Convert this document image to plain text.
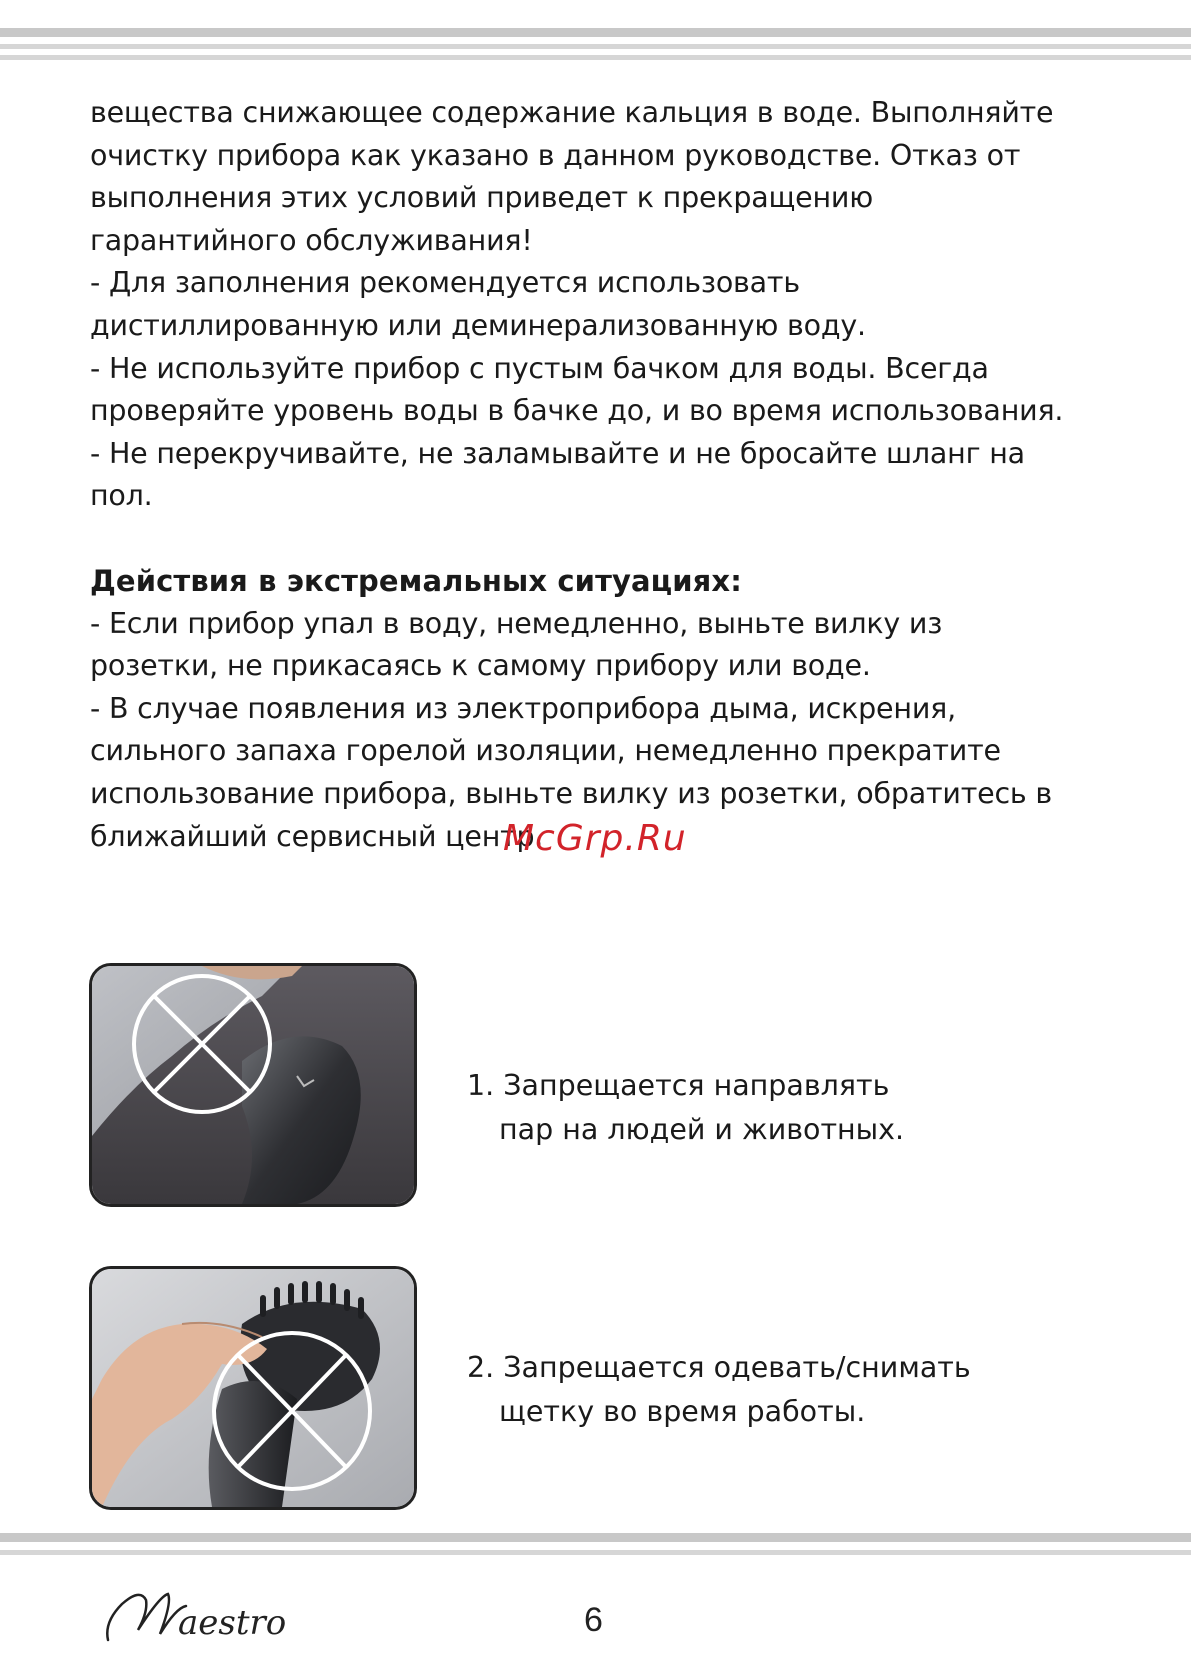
вещества снижающее содержание кальция в воде. Выполняйте

очистку прибора как указано в данном руководстве. Отказ от

выполнения этих условий приведет к прекращению

гарантийного обслуживания!

- Для заполнения рекомендуется использовать

дистиллированную или деминерализованную воду.

- Не используйте прибор с пустым бачком для воды. Всегда

проверяйте уровень воды в бачке до, и во время использования.

- Не перекручивайте, не заламывайте и не бросайте шланг на

пол.

Действия в экстремальных ситуациях:

- Если прибор упал в воду, немедленно, выньте вилку из

розетки, не прикасаясь к самому прибору или воде.

- В случае появления из электроприбора дыма, искрения,

сильного запаха горелой изоляции, немедленно прекратите

использование прибора, выньте вилку из розетки, обратитесь в

ближайший сервисный центр.

McGrp.Ru

1. Запрещается направлять

пар на людей и животных.

2. Запрещается одевать/снимать

щетку во время работы.

aestro	6
